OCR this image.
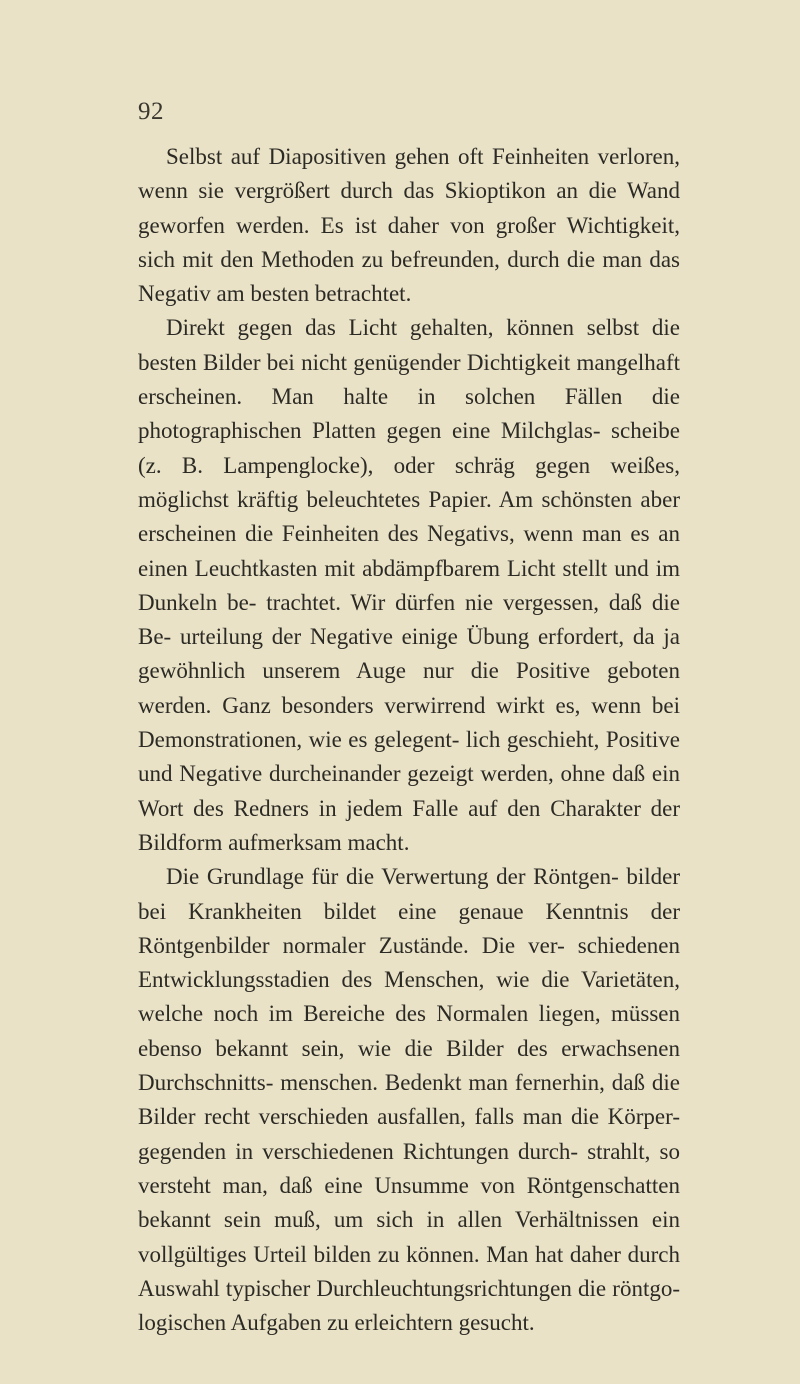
92

Selbst auf Diapositiven gehen oft Feinheiten verloren, wenn sie vergrößert durch das Skioptikon an die Wand geworfen werden. Es ist daher von großer Wichtigkeit, sich mit den Methoden zu befreunden, durch die man das Negativ am besten betrachtet.

Direkt gegen das Licht gehalten, können selbst die besten Bilder bei nicht genügender Dichtigkeit mangelhaft erscheinen. Man halte in solchen Fällen die photographischen Platten gegen eine Milchglas- scheibe (z. B. Lampenglocke), oder schräg gegen weißes, möglichst kräftig beleuchtetes Papier. Am schönsten aber erscheinen die Feinheiten des Negativs, wenn man es an einen Leuchtkasten mit abdämpfbarem Licht stellt und im Dunkeln be- trachtet. Wir dürfen nie vergessen, daß die Be- urteilung der Negative einige Übung erfordert, da ja gewöhnlich unserem Auge nur die Positive geboten werden. Ganz besonders verwirrend wirkt es, wenn bei Demonstrationen, wie es gelegent- lich geschieht, Positive und Negative durcheinander gezeigt werden, ohne daß ein Wort des Redners in jedem Falle auf den Charakter der Bildform aufmerksam macht.

Die Grundlage für die Verwertung der Röntgen- bilder bei Krankheiten bildet eine genaue Kenntnis der Röntgenbilder normaler Zustände. Die ver- schiedenen Entwicklungsstadien des Menschen, wie die Varietäten, welche noch im Bereiche des Normalen liegen, müssen ebenso bekannt sein, wie die Bilder des erwachsenen Durchschnitts- menschen. Bedenkt man fernerhin, daß die Bilder recht verschieden ausfallen, falls man die Körper- gegenden in verschiedenen Richtungen durch- strahlt, so versteht man, daß eine Unsumme von Röntgenschatten bekannt sein muß, um sich in allen Verhältnissen ein vollgültiges Urteil bilden zu können. Man hat daher durch Auswahl typischer Durchleuchtungsrichtungen die röntgo- logischen Aufgaben zu erleichtern gesucht.
